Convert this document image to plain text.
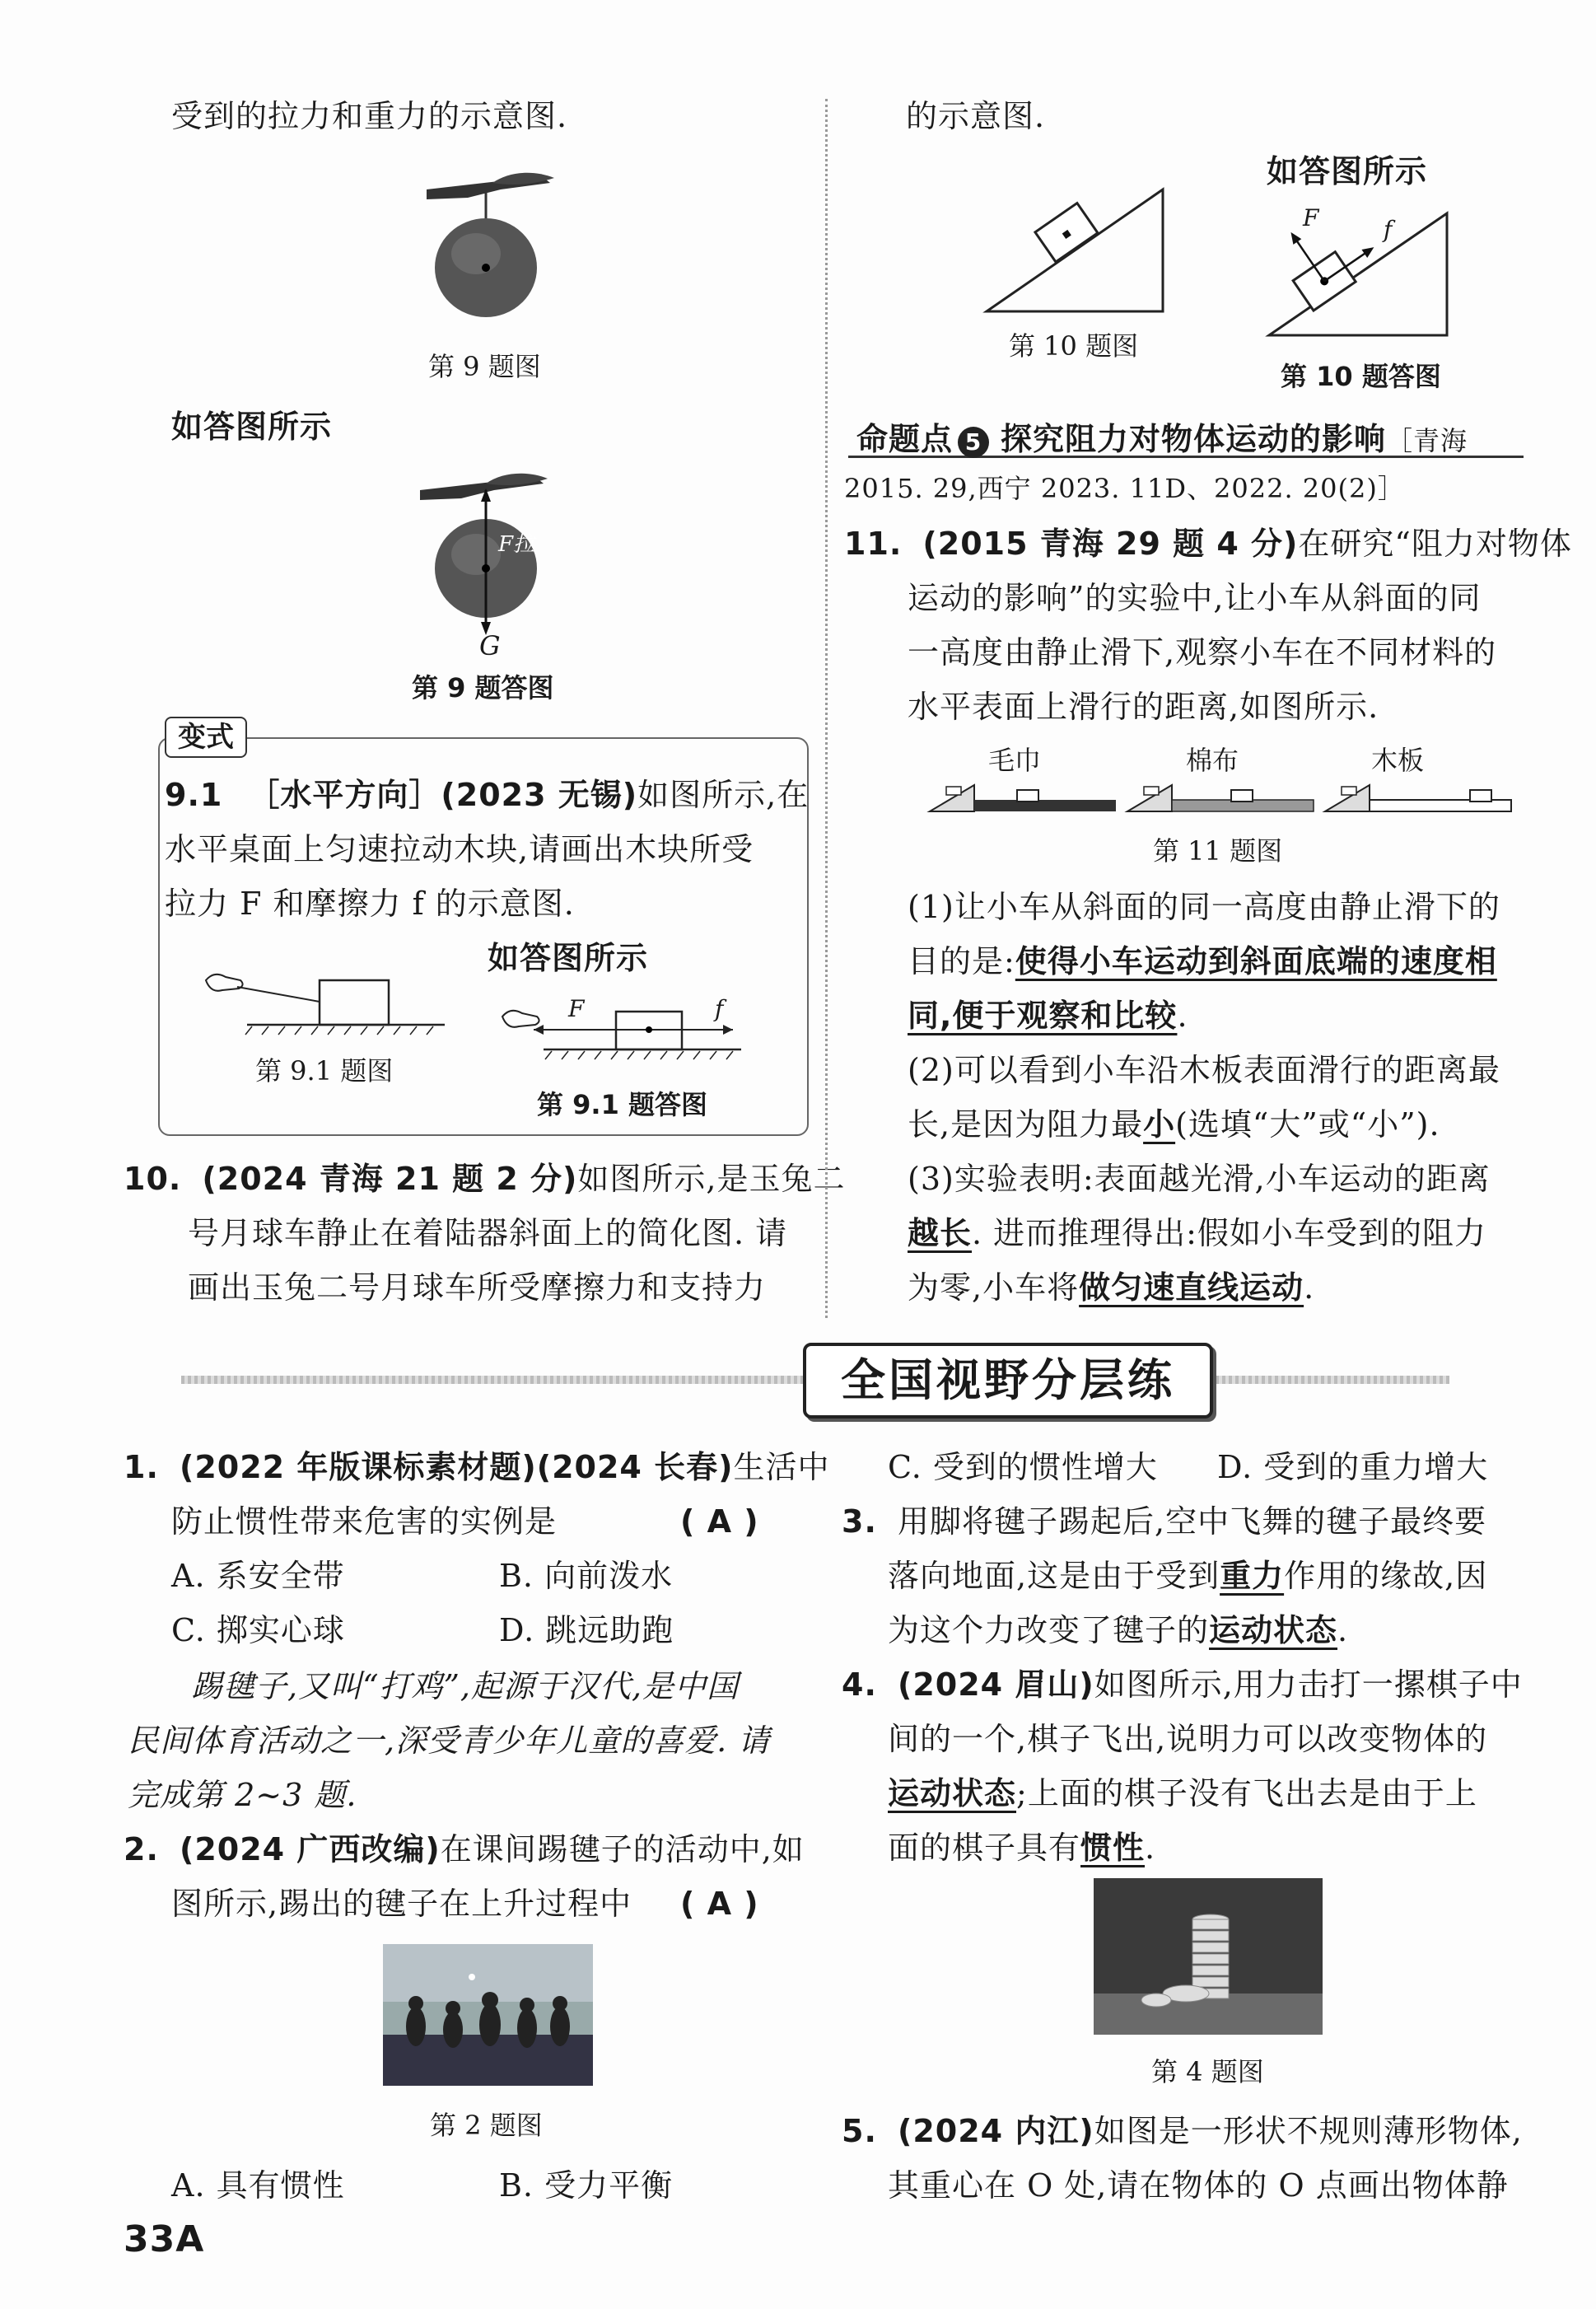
受到的拉力和重力的示意图.
第 9 题图
如答图所示
F拉
G
第 9 题答图
变式
9.1 ［水平方向］(2023 无锡)如图所示,在
水平桌面上匀速拉动木块,请画出木块所受
拉力 F 和摩擦力 f 的示意图.
如答图所示
第 9.1 题图
F	f
第 9.1 题答图
10. (2024 青海 21 题 2 分)如图所示,是玉兔二
号月球车静止在着陆器斜面上的简化图. 请
画出玉兔二号月球车所受摩擦力和支持力
的示意图.
如答图所示
第 10 题图
F	f
第 10 题答图
命题点 5 探究阻力对物体运动的影响［青海
2015. 29,西宁 2023. 11D、2022. 20(2)］
11. (2015 青海 29 题 4 分)在研究“阻力对物体
运动的影响”的实验中,让小车从斜面的同
一高度由静止滑下,观察小车在不同材料的
水平表面上滑行的距离,如图所示.
毛巾	棉布	木板
第 11 题图
(1)让小车从斜面的同一高度由静止滑下的
目的是:使得小车运动到斜面底端的速度相
同,便于观察和比较.
(2)可以看到小车沿木板表面滑行的距离最
长,是因为阻力最小(选填“大”或“小”).
(3)实验表明:表面越光滑,小车运动的距离
越长. 进而推理得出:假如小车受到的阻力
为零,小车将做匀速直线运动.
全国视野分层练
1. (2022 年版课标素材题)(2024 长春)生活中
防止惯性带来危害的实例是	( A )
A. 系安全带	B. 向前泼水
C. 掷实心球	D. 跳远助跑
踢毽子,又叫“打鸡”,起源于汉代,是中国
民间体育活动之一,深受青少年儿童的喜爱. 请
完成第 2~3 题.
2. (2024 广西改编)在课间踢毽子的活动中,如
图所示,踢出的毽子在上升过程中 ( A )
第 2 题图
A. 具有惯性	B. 受力平衡
33A
C. 受到的惯性增大 D. 受到的重力增大
3. 用脚将毽子踢起后,空中飞舞的毽子最终要
落向地面,这是由于受到重力作用的缘故,因
为这个力改变了毽子的运动状态.
4. (2024 眉山)如图所示,用力击打一摞棋子中
间的一个,棋子飞出,说明力可以改变物体的
运动状态;上面的棋子没有飞出去是由于上
面的棋子具有惯性.
第 4 题图
5. (2024 内江)如图是一形状不规则薄形物体,
其重心在 O 处,请在物体的 O 点画出物体静
